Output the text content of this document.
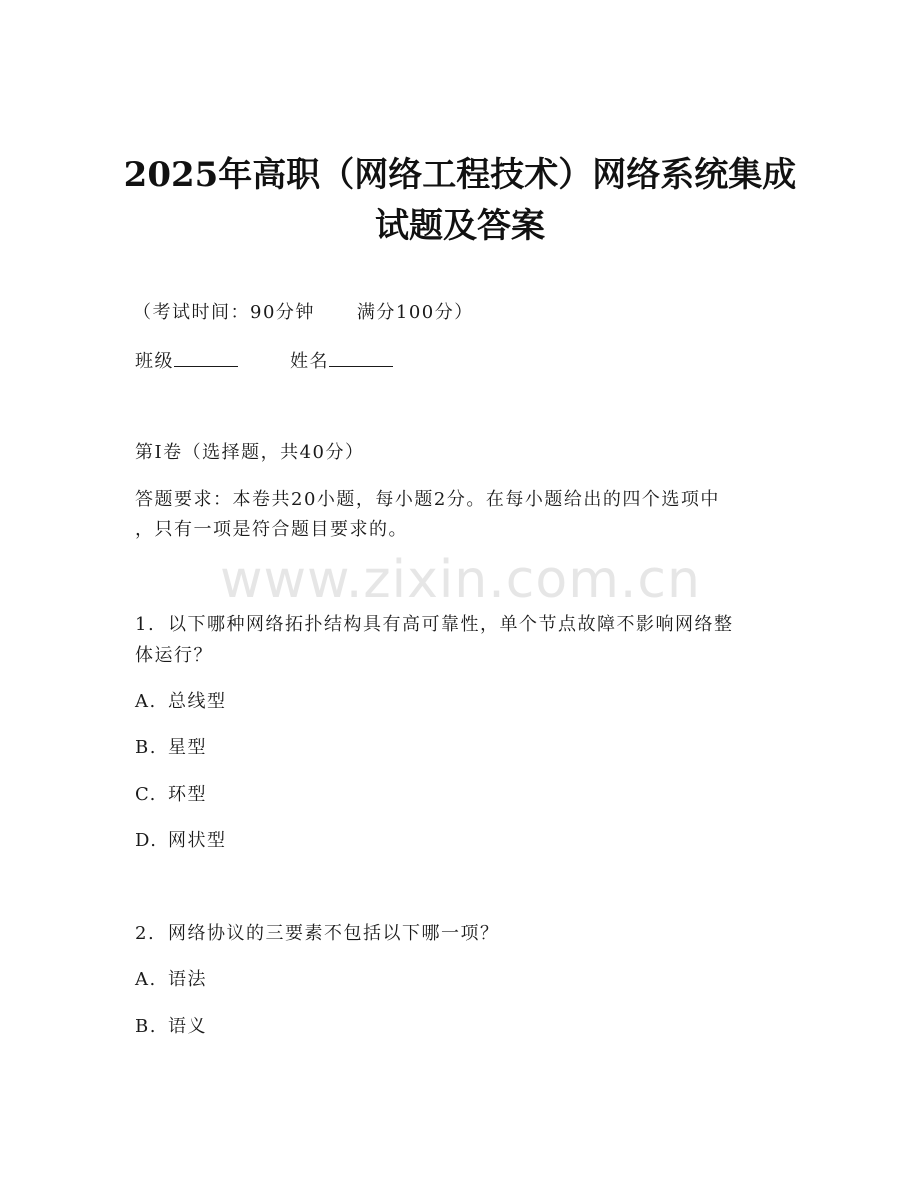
2025年高职（网络工程技术）网络系统集成
试题及答案
（考试时间：90分钟 满分100分）
班级	姓名
第I卷（选择题，共40分）
答题要求：本卷共20小题，每小题2分。在每小题给出的四个选项中
，只有一项是符合题目要求的。
www.zixin.com.cn
1. 以下哪种网络拓扑结构具有高可靠性，单个节点故障不影响网络整
体运行？
A. 总线型
B. 星型
C. 环型
D. 网状型
2. 网络协议的三要素不包括以下哪一项？
A. 语法
B. 语义
